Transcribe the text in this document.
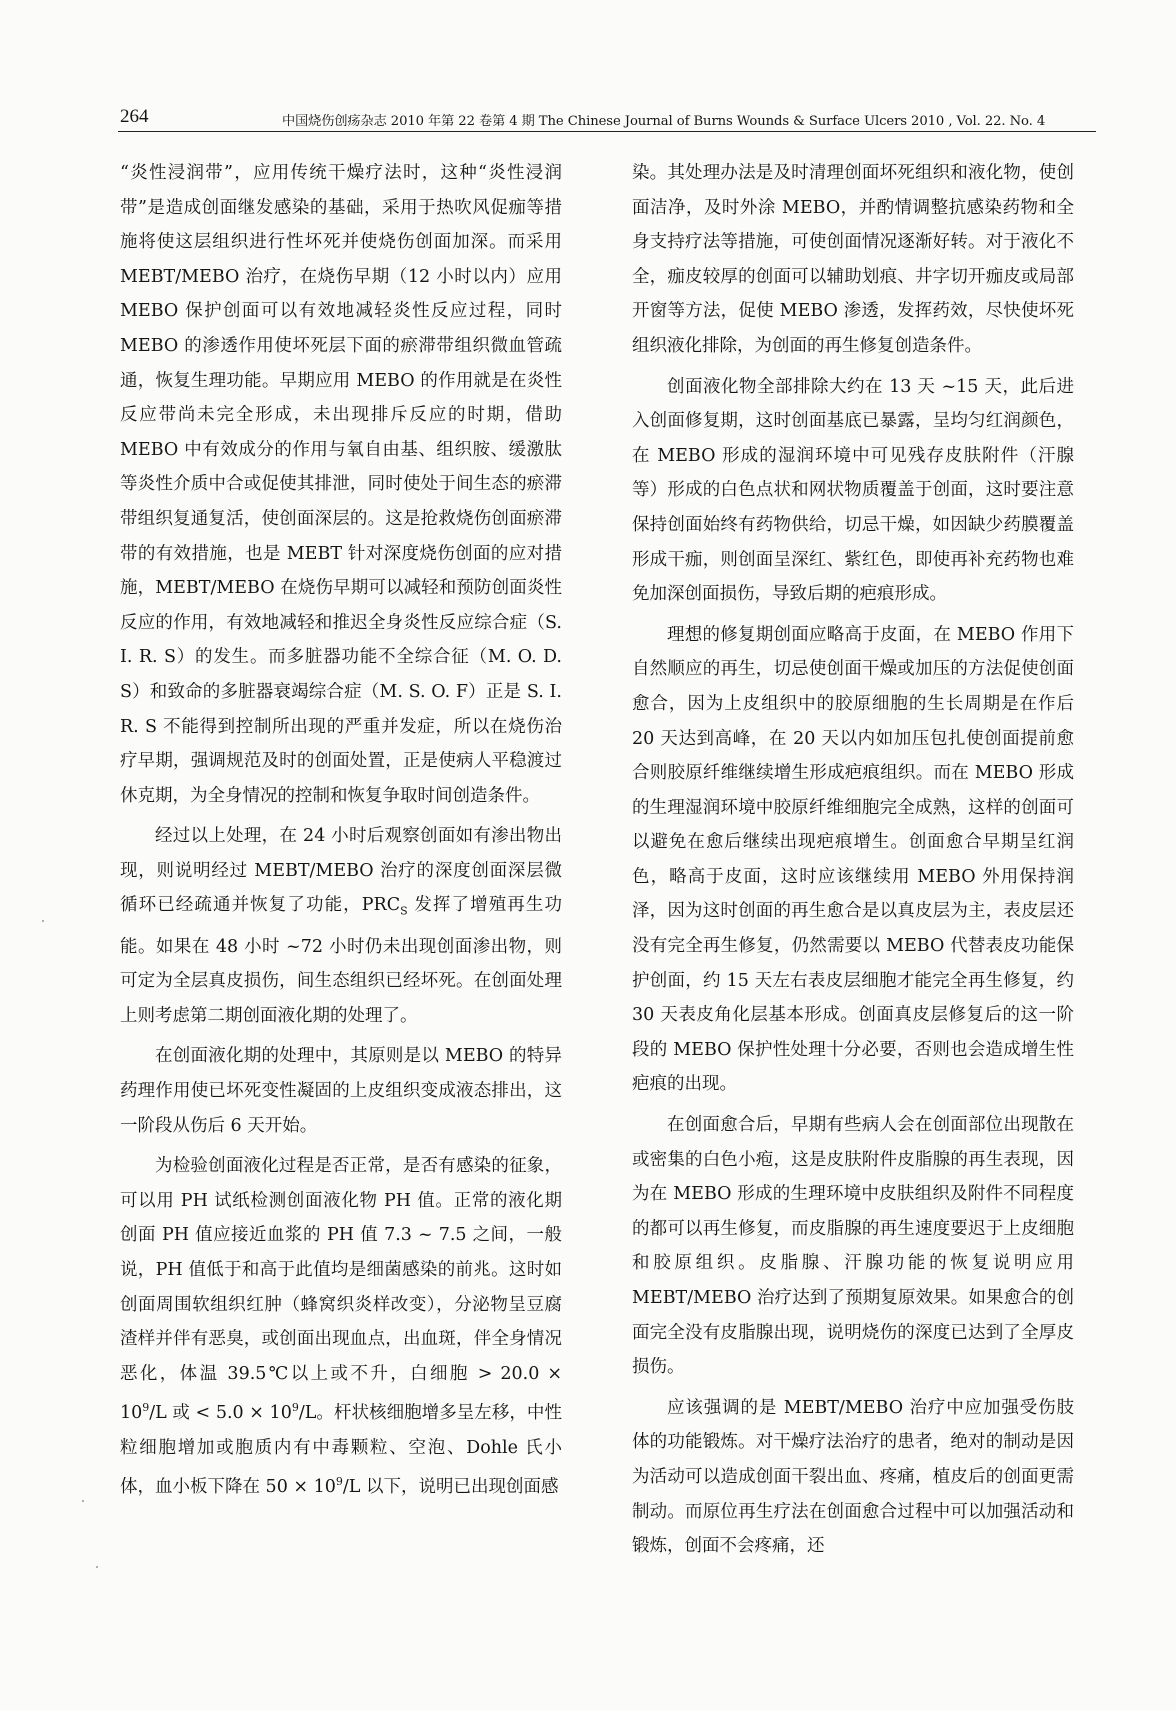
264	中国烧伤创疡杂志 2010 年第 22 卷第 4 期 The Chinese Journal of Burns Wounds & Surface Ulcers 2010 , Vol. 22. No. 4

“炎性浸润带”，应用传统干燥疗法时，这种“炎性浸润带”是造成创面继发感染的基础，采用于热吹风促痂等措施将使这层组织进行性坏死并使烧伤创面加深。而采用 MEBT/MEBO 治疗，在烧伤早期（12 小时以内）应用 MEBO 保护创面可以有效地减轻炎性反应过程，同时 MEBO 的渗透作用使坏死层下面的瘀滞带组织微血管疏通，恢复生理功能。早期应用 MEBO 的作用就是在炎性反应带尚未完全形成，未出现排斥反应的时期，借助 MEBO 中有效成分的作用与氧自由基、组织胺、缓激肽等炎性介质中合或促使其排泄，同时使处于间生态的瘀滞带组织复通复活，使创面深层的。这是抢救烧伤创面瘀滞带的有效措施，也是 MEBT 针对深度烧伤创面的应对措施，MEBT/MEBO 在烧伤早期可以减轻和预防创面炎性反应的作用，有效地减轻和推迟全身炎性反应综合症（S. I. R. S）的发生。而多脏器功能不全综合征（M. O. D. S）和致命的多脏器衰竭综合症（M. S. O. F）正是 S. I. R. S 不能得到控制所出现的严重并发症，所以在烧伤治疗早期，强调规范及时的创面处置，正是使病人平稳渡过休克期，为全身情况的控制和恢复争取时间创造条件。

经过以上处理，在 24 小时后观察创面如有渗出物出现，则说明经过 MEBT/MEBO 治疗的深度创面深层微循环已经疏通并恢复了功能，$PRC_S$ 发挥了增殖再生功能。如果在 48 小时 ~72 小时仍未出现创面渗出物，则可定为全层真皮损伤，间生态组织已经坏死。在创面处理上则考虑第二期创面液化期的处理了。

在创面液化期的处理中，其原则是以 MEBO 的特异药理作用使已坏死变性凝固的上皮组织变成液态排出，这一阶段从伤后 6 天开始。

为检验创面液化过程是否正常，是否有感染的征象，可以用 PH 试纸检测创面液化物 PH 值。正常的液化期创面 PH 值应接近血浆的 PH 值 7.3 ~ 7.5 之间，一般说，PH 值低于和高于此值均是细菌感染的前兆。这时如创面周围软组织红肿（蜂窝织炎样改变），分泌物呈豆腐渣样并伴有恶臭，或创面出现血点，出血斑，伴全身情况恶化，体温 39.5℃以上或不升，白细胞 > $20.0 \times 10^9/L$ 或 < $5.0 \times 10^9/L$。杆状核细胞增多呈左移，中性粒细胞增加或胞质内有中毒颗粒、空泡、Dohle 氏小体，血小板下降在 $50 \times 10^9/L$ 以下，说明已出现创面感

染。其处理办法是及时清理创面坏死组织和液化物，使创面洁净，及时外涂 MEBO，并酌情调整抗感染药物和全身支持疗法等措施，可使创面情况逐渐好转。对于液化不全，痂皮较厚的创面可以辅助划痕、井字切开痂皮或局部开窗等方法，促使 MEBO 渗透，发挥药效，尽快使坏死组织液化排除，为创面的再生修复创造条件。

创面液化物全部排除大约在 13 天 ~15 天，此后进入创面修复期，这时创面基底已暴露，呈均匀红润颜色，在 MEBO 形成的湿润环境中可见残存皮肤附件（汗腺等）形成的白色点状和网状物质覆盖于创面，这时要注意保持创面始终有药物供给，切忌干燥，如因缺少药膜覆盖形成干痂，则创面呈深红、紫红色，即使再补充药物也难免加深创面损伤，导致后期的疤痕形成。

理想的修复期创面应略高于皮面，在 MEBO 作用下自然顺应的再生，切忌使创面干燥或加压的方法促使创面愈合，因为上皮组织中的胶原细胞的生长周期是在作后 20 天达到高峰，在 20 天以内如加压包扎使创面提前愈合则胶原纤维继续增生形成疤痕组织。而在 MEBO 形成的生理湿润环境中胶原纤维细胞完全成熟，这样的创面可以避免在愈后继续出现疤痕增生。创面愈合早期呈红润色，略高于皮面，这时应该继续用 MEBO 外用保持润泽，因为这时创面的再生愈合是以真皮层为主，表皮层还没有完全再生修复，仍然需要以 MEBO 代替表皮功能保护创面，约 15 天左右表皮层细胞才能完全再生修复，约 30 天表皮角化层基本形成。创面真皮层修复后的这一阶段的 MEBO 保护性处理十分必要，否则也会造成增生性疤痕的出现。

在创面愈合后，早期有些病人会在创面部位出现散在或密集的白色小疱，这是皮肤附件皮脂腺的再生表现，因为在 MEBO 形成的生理环境中皮肤组织及附件不同程度的都可以再生修复，而皮脂腺的再生速度要迟于上皮细胞和胶原组织。皮脂腺、汗腺功能的恢复说明应用 MEBT/MEBO 治疗达到了预期复原效果。如果愈合的创面完全没有皮脂腺出现，说明烧伤的深度已达到了全厚皮损伤。

应该强调的是 MEBT/MEBO 治疗中应加强受伤肢体的功能锻炼。对干燥疗法治疗的患者，绝对的制动是因为活动可以造成创面干裂出血、疼痛，植皮后的创面更需制动。而原位再生疗法在创面愈合过程中可以加强活动和锻炼，创面不会疼痛，还
